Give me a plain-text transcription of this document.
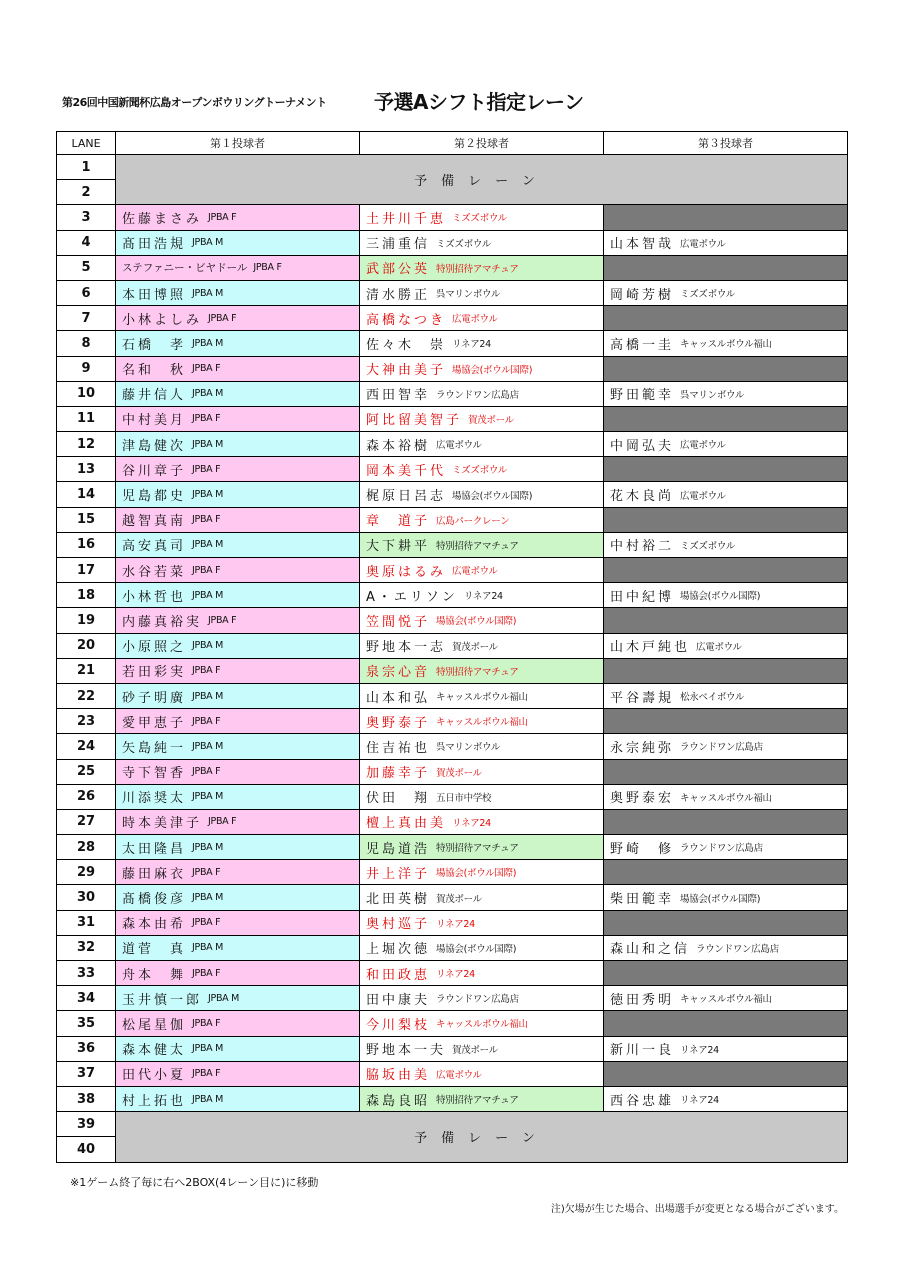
第26回中国新聞杯広島オープンボウリングトーナメント 予選Aシフト指定レーン
LANE	第１投球者	第２投球者	第３投球者
1	予備レーン		
2			
3	佐藤まさみ JPBA F	土井川千恵 ミズズボウル	

4	髙田浩規 JPBA M	三浦重信 ミズズボウル	山本智哉 広電ボウル

5	ステファニー・ビヤドール JPBA F	武部公英 特別招待アマチュア	

6	本田博照 JPBA M	清水勝正 呉マリンボウル	岡崎芳樹 ミズズボウル

7	小林よしみ JPBA F	高橋なつき 広電ボウル	

8	石橋　孝 JPBA M	佐々木　崇 リネア24	高橋一圭 キャッスルボウル福山

9	名和　秋 JPBA F	大神由美子 場協会(ボウル国際)	

10	藤井信人 JPBA M	西田智幸 ラウンドワン広島店	野田範幸 呉マリンボウル

11	中村美月 JPBA F	阿比留美智子 賀茂ボール	

12	津島健次 JPBA M	森本裕樹 広電ボウル	中岡弘夫 広電ボウル

13	谷川章子 JPBA F	岡本美千代 ミズズボウル	

14	児島都史 JPBA M	梶原日呂志 場協会(ボウル国際)	花木良尚 広電ボウル

15	越智真南 JPBA F	章　道子 広島パークレーン	

16	高安真司 JPBA M	大下耕平 特別招待アマチュア	中村裕二 ミズズボウル

17	水谷若菜 JPBA F	奥原はるみ 広電ボウル	

18	小林哲也 JPBA M	A・エリソン リネア24	田中紀博 場協会(ボウル国際)

19	内藤真裕実 JPBA F	笠間悦子 場協会(ボウル国際)	

20	小原照之 JPBA M	野地本一志 賀茂ボール	山木戸純也 広電ボウル

21	若田彩実 JPBA F	泉宗心音 特別招待アマチュア	

22	砂子明廣 JPBA M	山本和弘 キャッスルボウル福山	平谷壽規 松永ベイボウル

23	愛甲恵子 JPBA F	奥野泰子 キャッスルボウル福山	

24	矢島純一 JPBA M	住吉祐也 呉マリンボウル	永宗純弥 ラウンドワン広島店

25	寺下智香 JPBA F	加藤幸子 賀茂ボール	

26	川添奨太 JPBA M	伏田　翔 五日市中学校	奥野泰宏 キャッスルボウル福山

27	時本美津子 JPBA F	檀上真由美 リネア24	

28	太田隆昌 JPBA M	児島道浩 特別招待アマチュア	野崎　修 ラウンドワン広島店

29	藤田麻衣 JPBA F	井上洋子 場協会(ボウル国際)	

30	髙橋俊彦 JPBA M	北田英樹 賀茂ボール	柴田範幸 場協会(ボウル国際)

31	森本由希 JPBA F	奥村巡子 リネア24	

32	道菅　真 JPBA M	上堀次徳 場協会(ボウル国際)	森山和之信 ラウンドワン広島店

33	舟本　舞 JPBA F	和田政恵 リネア24	

34	玉井慎一郎 JPBA M	田中康夫 ラウンドワン広島店	徳田秀明 キャッスルボウル福山

35	松尾星伽 JPBA F	今川梨枝 キャッスルボウル福山	

36	森本健太 JPBA M	野地本一夫 賀茂ボール	新川一良 リネア24

37	田代小夏 JPBA F	脇坂由美 広電ボウル	

38	村上拓也 JPBA M	森島良昭 特別招待アマチュア	西谷忠雄 リネア24

39	予備レーン		
40			
※1ゲーム終了毎に右へ2BOX(4レーン目に)に移動
注)欠場が生じた場合、出場選手が変更となる場合がございます。
